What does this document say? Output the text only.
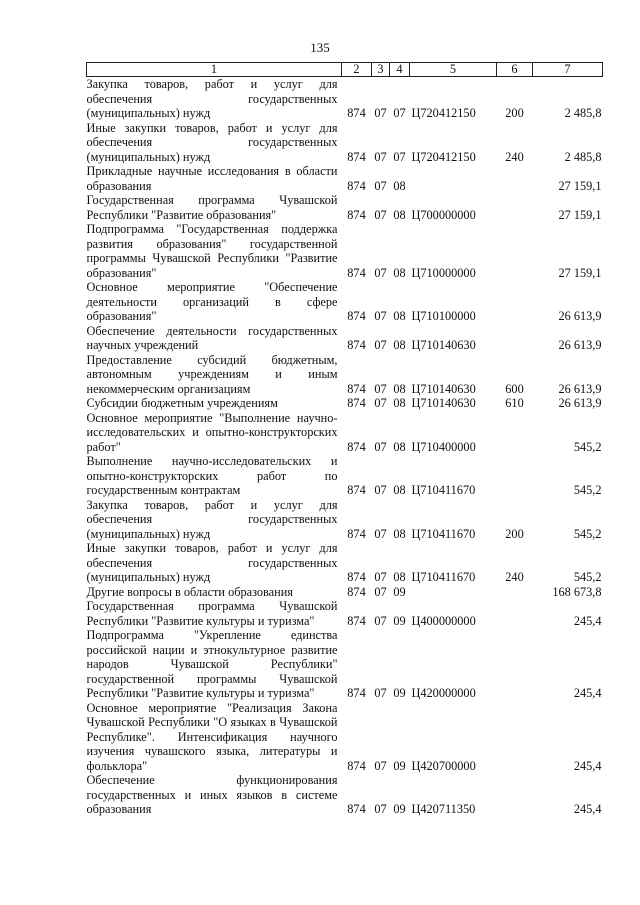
135
1	2	3	4	5	6	7
Закупка товаров, работ и услуг для обеспечения государственных (муниципальных) нужд	874	07	07	Ц720412150	200	2 485,8
Иные закупки товаров, работ и услуг для обеспечения государственных (муниципальных) нужд	874	07	07	Ц720412150	240	2 485,8
Прикладные научные исследования в области образования	874	07	08			27 159,1
Государственная программа Чувашской Республики "Развитие образования"	874	07	08	Ц700000000		27 159,1
Подпрограмма "Государственная поддержка развития образования" государственной программы Чувашской Республики "Развитие образования"	874	07	08	Ц710000000		27 159,1
Основное мероприятие "Обеспечение деятельности организаций в сфере образования"	874	07	08	Ц710100000		26 613,9
Обеспечение деятельности государственных научных учреждений	874	07	08	Ц710140630		26 613,9
Предоставление субсидий бюджетным, автономным учреждениям и иным некоммерческим организациям	874	07	08	Ц710140630	600	26 613,9
Субсидии бюджетным учреждениям	874	07	08	Ц710140630	610	26 613,9
Основное мероприятие "Выполнение научно-исследовательских и опытно-конструкторских работ"	874	07	08	Ц710400000		545,2
Выполнение научно-исследовательских и опытно-конструкторских работ по государственным контрактам	874	07	08	Ц710411670		545,2
Закупка товаров, работ и услуг для обеспечения государственных (муниципальных) нужд	874	07	08	Ц710411670	200	545,2
Иные закупки товаров, работ и услуг для обеспечения государственных (муниципальных) нужд	874	07	08	Ц710411670	240	545,2
Другие вопросы в области образования	874	07	09			168 673,8
Государственная программа Чувашской Республики "Развитие культуры и туризма"	874	07	09	Ц400000000		245,4
Подпрограмма "Укрепление единства российской нации и этнокультурное развитие народов Чувашской Республики" государственной программы Чувашской Республики "Развитие культуры и туризма"	874	07	09	Ц420000000		245,4
Основное мероприятие "Реализация Закона Чувашской Республики "О языках в Чувашской Республике". Интенсификация научного изучения чувашского языка, литературы и фольклора"	874	07	09	Ц420700000		245,4
Обеспечение функционирования государственных и иных языков в системе образования	874	07	09	Ц420711350		245,4
